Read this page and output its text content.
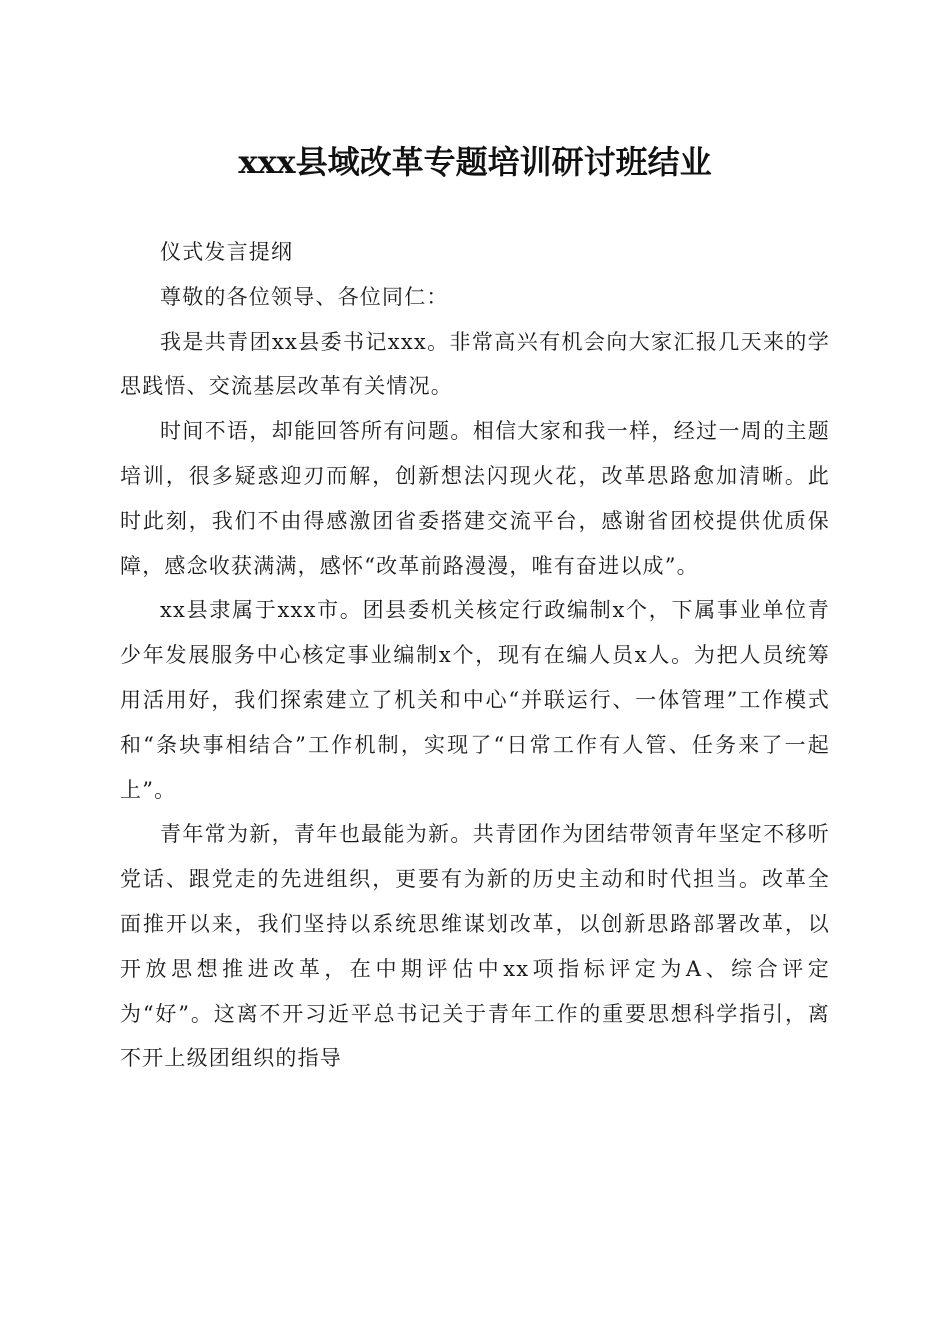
xxx县域改革专题培训研讨班结业

仪式发言提纲

尊敬的各位领导、各位同仁：

我是共青团xx县委书记xxx。非常高兴有机会向大家汇报几天来的学思践悟、交流基层改革有关情况。

时间不语，却能回答所有问题。相信大家和我一样，经过一周的主题培训，很多疑惑迎刃而解，创新想法闪现火花，改革思路愈加清晰。此时此刻，我们不由得感激团省委搭建交流平台，感谢省团校提供优质保障，感念收获满满，感怀“改革前路漫漫，唯有奋进以成”。

xx县隶属于xxx市。团县委机关核定行政编制x个，下属事业单位青少年发展服务中心核定事业编制x个，现有在编人员x人。为把人员统筹用活用好，我们探索建立了机关和中心“并联运行、一体管理”工作模式和“条块事相结合”工作机制，实现了“日常工作有人管、任务来了一起上”。

青年常为新，青年也最能为新。共青团作为团结带领青年坚定不移听党话、跟党走的先进组织，更要有为新的历史主动和时代担当。改革全面推开以来，我们坚持以系统思维谋划改革，以创新思路部署改革，以开放思想推进改革，在中期评估中xx项指标评定为A、综合评定为“好”。这离不开习近平总书记关于青年工作的重要思想科学指引，离不开上级团组织的指导
